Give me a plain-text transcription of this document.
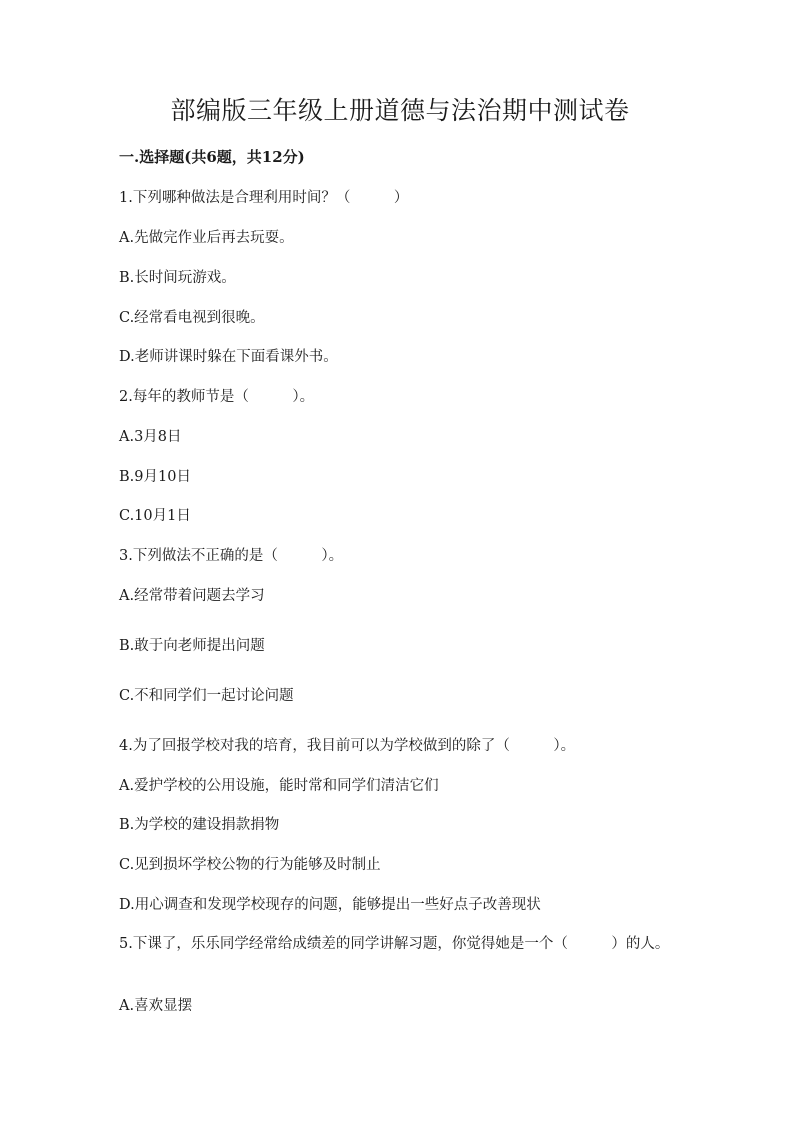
部编版三年级上册道德与法治期中测试卷
一.选择题(共6题，共12分)
1.下列哪种做法是合理利用时间？（　　　）
A.先做完作业后再去玩耍。
B.长时间玩游戏。
C.经常看电视到很晚。
D.老师讲课时躲在下面看课外书。
2.每年的教师节是（　　　）。
A.3月8日
B.9月10日
C.10月1日
3.下列做法不正确的是（　　　）。
A.经常带着问题去学习
B.敢于向老师提出问题
C.不和同学们一起讨论问题
4.为了回报学校对我的培育，我目前可以为学校做到的除了（　　　）。
A.爱护学校的公用设施，能时常和同学们清洁它们
B.为学校的建设捐款捐物
C.见到损坏学校公物的行为能够及时制止
D.用心调查和发现学校现存的问题，能够提出一些好点子改善现状
5.下课了，乐乐同学经常给成绩差的同学讲解习题，你觉得她是一个（　　　）的人。
A.喜欢显摆
